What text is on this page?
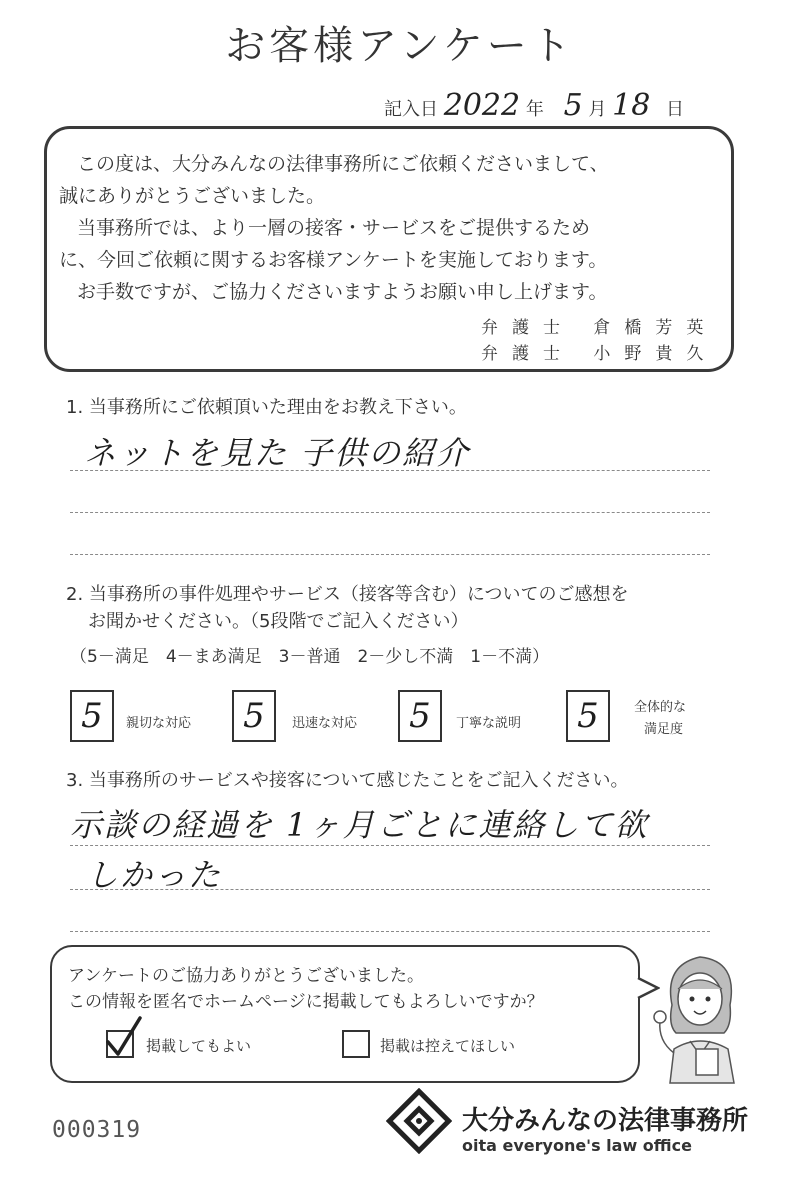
お客様アンケート
記入日 2022 年 5 月 18 日

この度は、大分みんなの法律事務所にご依頼くださいまして、

誠にありがとうございました。

当事務所では、より一層の接客・サービスをご提供するため

に、今回ご依頼に関するお客様アンケートを実施しております。

お手数ですが、ご協力くださいますようお願い申し上げます。

弁護士 倉橋芳英

弁護士 小野貴久

1. 当事務所にご依頼頂いた理由をお教え下さい。
ネットを見た 子供の紹介
2. 当事務所の事件処理やサービス（接客等含む）についてのご感想を
お聞かせください。（5段階でご記入ください）
（5－満足　4－まあ満足　3－普通　2－少し不満　1－不満）
5	親切な対応	5	迅速な対応	5	丁寧な説明	5	全体的な
満足度
3. 当事務所のサービスや接客について感じたことをご記入ください。
示談の経過を 1ヶ月ごとに連絡して欲
しかった

アンケートのご協力ありがとうございました。

この情報を匿名でホームページに掲載してもよろしいですか？

掲載してもよい	掲載は控えてほしい
000319	大分みんなの法律事務所
oita everyone's law office
